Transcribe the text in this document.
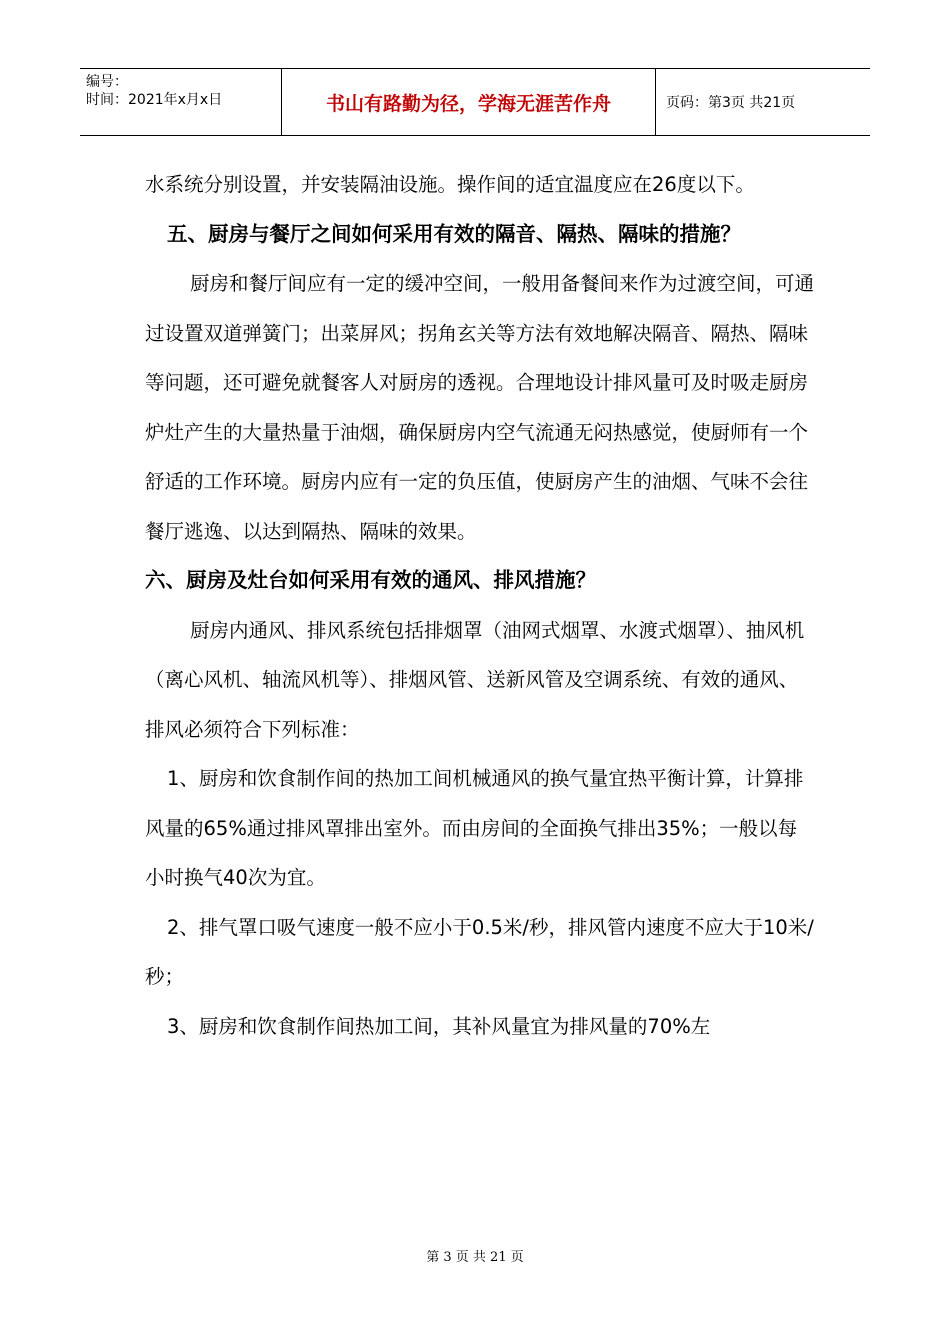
编号：
时间：2021年x月x日	书山有路勤为径，学海无涯苦作舟	页码：第3页 共21页

水系统分别设置，并安装隔油设施。操作间的适宜温度应在26度以下。

五、厨房与餐厅之间如何采用有效的隔音、隔热、隔味的措施？

厨房和餐厅间应有一定的缓冲空间，一般用备餐间来作为过渡空间，可通过设置双道弹簧门；出菜屏风；拐角玄关等方法有效地解决隔音、隔热、隔味等问题，还可避免就餐客人对厨房的透视。合理地设计排风量可及时吸走厨房炉灶产生的大量热量于油烟，确保厨房内空气流通无闷热感觉，使厨师有一个舒适的工作环境。厨房内应有一定的负压值，使厨房产生的油烟、气味不会往餐厅逃逸、以达到隔热、隔味的效果。

六、厨房及灶台如何采用有效的通风、排风措施？

厨房内通风、排风系统包括排烟罩（油网式烟罩、水渡式烟罩）、抽风机（离心风机、轴流风机等）、排烟风管、送新风管及空调系统、有效的通风、排风必须符合下列标准：

1、厨房和饮食制作间的热加工间机械通风的换气量宜热平衡计算，计算排风量的65%通过排风罩排出室外。而由房间的全面换气排出35%；一般以每小时换气40次为宜。

2、排气罩口吸气速度一般不应小于0.5米/秒，排风管内速度不应大于10米/秒；

3、厨房和饮食制作间热加工间，其补风量宜为排风量的70%左

第 3 页 共 21 页
